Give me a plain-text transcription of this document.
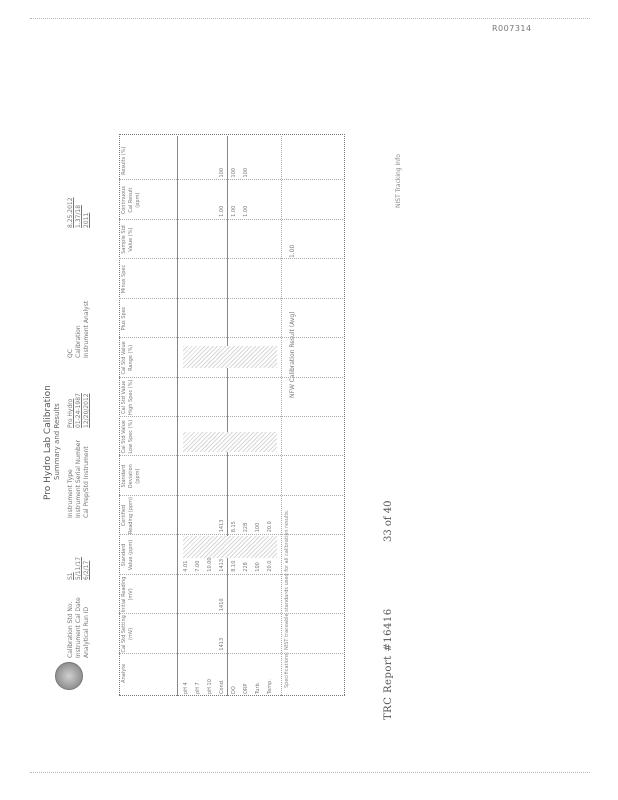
R007314
Pro Hydro Lab Calibration Summary and Results
Calibration Std No. Instrument Cal Date Analytical Run ID
S1 5/11/17 6/2/17
Instrument Type Instrument Serial Number Cal Prep/Std Instrument
Pro Hydro 01-24-1987 12/20/2012
QC Calibration Instrument Analyst
8.25.2012 1.37/18 2011
Specifications: NIST traceable standards used for all calibration results.
NFW Calibration Result (Avg)
1.00
TRC Report #16416
33 of 40
NIST Tracking Info
Analyte
Cal Std Setting (mV)
Initial Reading (mV)
Standard Value (ppm)
Certified Reading (ppm)
Standard Deviation (ppm)
Cal Std Value Low Spec (%)
Cal Std Value High Spec (%)
Cal Std Value Range (%)
Plus Spec
Minus Spec
Sample Std Value (%)
Continuous Cal Result (ppm)
Results (%)
pH 4
4.01
pH 7
7.00
pH 10
10.00
Cond.
1413
1410
1413
1413
1.00
100
DO
8.10
8.15
1.00
100
ORP
228
228
1.00
100
Turb.
100
100
Temp.
20.0
20.0
